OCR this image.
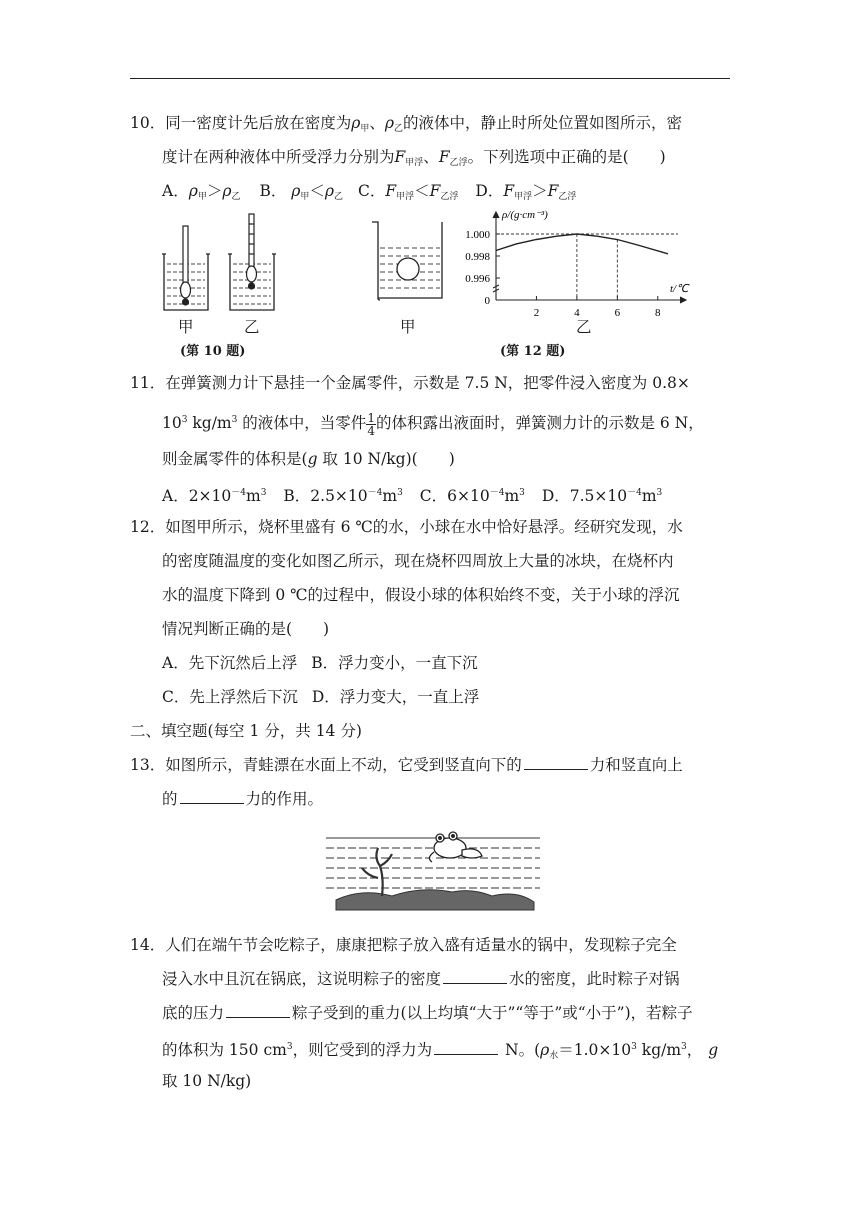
10．同一密度计先后放在密度为$\rho_甲$、$\rho_乙$的液体中，静止时所处位置如图所示，密
度计在两种液体中所受浮力分别为$F_{甲浮}$、$F_{乙浮}$。下列选项中正确的是(　　)
A．$\rho_甲>\rho_乙$ B． $\rho_甲<\rho_乙$ C．$F_{甲浮}<F_{乙浮}$ D．$F_{甲浮}>F_{乙浮}$
甲	乙
(第 10 题)
甲
1.000
0.998
0.996
0
2	4	6	8
ρ/(g·cm⁻³)
t/℃
乙
(第 12 题)
11．在弹簧测力计下悬挂一个金属零件，示数是 7.5 N，把零件浸入密度为 0.8×
$10^3$ $kg/m^3$ 的液体中，当零件 $\frac{1}{4}$ 的体积露出液面时，弹簧测力计的示数是 6 N，
则金属零件的体积是(g 取 10 N/kg)(　　)
A．$2\times 10^{-4}m^3$ B．$2.5\times 10^{-4}m^3$ C．$6\times 10^{-4}m^3$ D．$7.5\times 10^{-4}m^3$
12．如图甲所示，烧杯里盛有 6 ℃的水，小球在水中恰好悬浮。经研究发现，水
的密度随温度的变化如图乙所示，现在烧杯四周放上大量的冰块，在烧杯内
水的温度下降到 0 ℃的过程中，假设小球的体积始终不变，关于小球的浮沉
情况判断正确的是(　　)
A．先下沉然后上浮 B．浮力变小，一直下沉
C．先上浮然后下沉 D．浮力变大，一直上浮
二、填空题(每空 1 分，共 14 分)
13．如图所示，青蛙漂在水面上不动，它受到竖直向下的	力和竖直向上
的	力的作用。
14．人们在端午节会吃粽子，康康把粽子放入盛有适量水的锅中，发现粽子完全
浸入水中且沉在锅底，这说明粽子的密度	水的密度，此时粽子对锅
底的压力	粽子受到的重力(以上均填“大于”“等于”或“小于”)，若粽子
的体积为 150 $cm^3$，则它受到的浮力为	N。($\rho_水=1.0\times 10^3$ $kg/m^3$， g
取 10 N/kg)
